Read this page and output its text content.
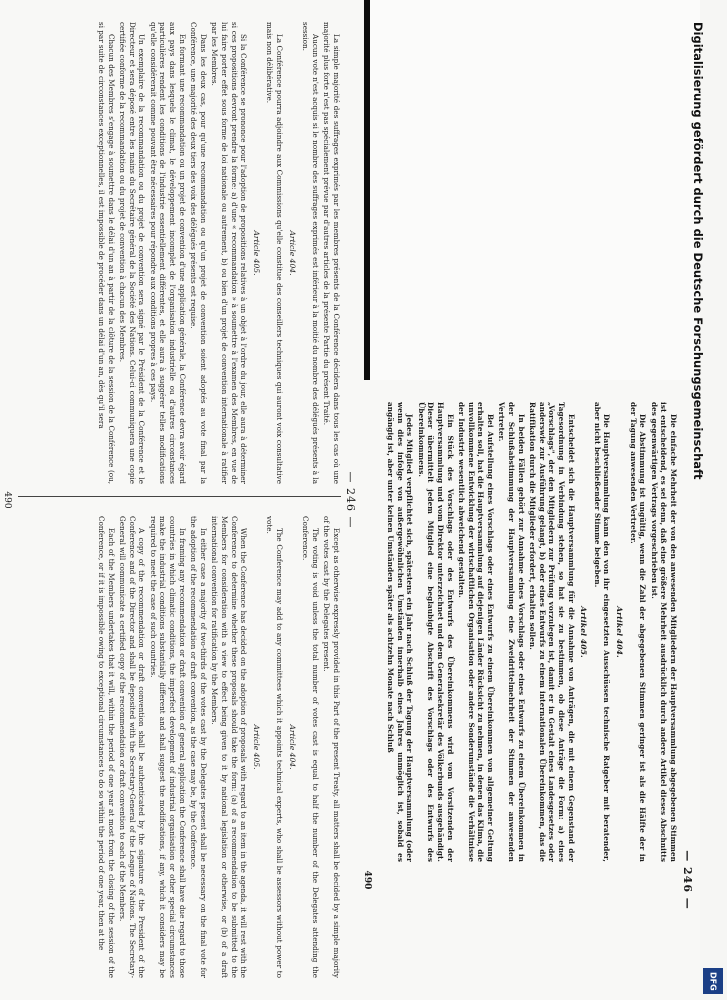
— 246 —

La simple majorité des suffrages exprimés par les membres présents de la Conférence décidera dans tous les cas où une majorité plus forte n'est pas spécialement prévue par d'autres articles de la présente Partie du présent Traité.

Aucun vote n'est acquis si le nombre des suffrages exprimés est inférieur à la moitié du nombre des délégués présents à la session.

Article 404.

La Conférence pourra adjoindre aux Commissions qu'elle constitue des conseillers techniques qui auront voix consultative mais non délibérative.

Article 405.

Si la Conférence se prononce pour l'adoption de propositions relatives à un objet à l'ordre du jour, elle aura à déterminer si ces propositions devront prendre la forme: a) d'une « recommandation » à soumettre à l'examen des Membres, en vue de lui faire porter effet sous forme de loi nationale ou autrement, b) ou bien d'un projet de convention internationale à ratifier par les Membres.

Dans les deux cas, pour qu'une recommandation ou qu'un projet de convention soient adoptés au vote final par la Conférence, une majorité des deux tiers des voix des délégués présents est requise.

En formant une recommandation ou un projet de convention d'une application générale, la Conférence devra avoir égard aux pays dans lesquels le climat, le développement incomplet de l'organisation industrielle ou d'autres circonstances particulières rendent les conditions de l'industrie essentiellement différentes, et elle aura à suggérer telles modifications qu'elle considérerait comme pouvant être nécessaires pour répondre aux conditions propres à ces pays.

Un exemplaire de la recommandation ou du projet de convention sera signé par le Président de la Conférence et le Directeur et sera déposé entre les mains du Secrétaire général de la Société des Nations. Celui-ci communiquera une copie certifiée conforme de la recommandation ou du projet de convention à chacun des Membres.

Chacun des Membres s'engage à soumettre dans le délai d'un an à partir de la clôture de la session de la Conférence (ou, si par suite de circonstances exceptionnelles, il est impossible de procéder dans un délai d'un an, dès qu'il sera

Except as otherwise expressly provided in this Part of the present Treaty, all matters shall be decided by a simple majority of the votes cast by the Delegates present.

The voting is void unless the total number of votes cast is equal to half the number of the Delegates attending the Conference.

Article 404.

The Conference may add to any committees which it appoints technical experts, who shall be assessors without power to vote.

Article 405.

When the Conference has decided on the adoption of proposals with regard to an item in the agenda, it will rest with the Conference to determine whether these proposals should take the form: (a) of a recommendation to be submitted to the Members for consideration with a view to effect being given to it by national legislation or otherwise, or (b) of a draft international convention for ratification by the Members.

In either case a majority of two-thirds of the votes cast by the Delegates present shall be necessary on the final vote for the adoption of the recommendation or draft convention, as the case may be, by the Conference.

In framing any recommendation or draft convention of general application the Conference shall have due regard to those countries in which climatic conditions, the imperfect development of industrial organisation or other special circumstances make the industrial conditions substantially different and shall suggest the modifications, if any, which it considers may be required to meet the case of such countries.

A copy of the recommendation or draft convention shall be authenticated by the signature of the President of the Conference and of the Director and shall be deposited with the Secretary-General of the League of Nations. The Secretary-General will communicate a certified copy of the recommendation or draft convention to each of the Members.

Each of the Members undertakes that it will, within the period of one year at most from the closing of the session of the Conference, or if it is impossible owing to exceptional circumstances to do so within the period of one year, then at the

490
— 246 —

Die einfache Mehrheit der von den anwesenden Mitgliedern der Hauptversammlung abgegebenen Stimmen ist entscheidend, es sei denn, daß eine größere Mehrheit ausdrücklich durch andere Artikel dieses Abschnitts des gegenwärtigen Vertrags vorgeschrieben ist.

Die Abstimmung ist ungültig, wenn die Zahl der abgegebenen Stimmen geringer ist als die Hälfte der in der Tagung anwesenden Vertreter.

Artikel 404.

Die Hauptversammlung kann den von ihr eingesetzten Ausschüssen technische Ratgeber mit beratender, aber nicht beschließender Stimme beigeben.

Artikel 405.

Entscheidet sich die Hauptversammlung für die Annahme von Anträgen, die mit einem Gegenstand der Tagesordnung in Verbindung stehen, so hat sie zu bestimmen, ob diese Anträge die Form: a) eines „Vorschlags", der den Mitgliedern zur Prüfung vorzulegen ist, damit er in Gestalt eines Landesgesetzes oder anderswie zur Ausführung gelangt, b) oder eines Entwurfs zu einem internationalen Übereinkommen, das die Ratifikation durch die Mitglieder erfordert, erhalten sollen.

In beiden Fällen gehört zur Annahme eines Vorschlags oder eines Entwurfs zu einem Übereinkommen in der Schlußabstimmung der Hauptversammlung eine Zweidrittelmehrheit der Stimmen der anwesenden Vertreter.

Bei Aufstellung eines Vorschlags oder eines Entwurfs zu einem Übereinkommen von allgemeiner Geltung erhalten soll, hat die Hauptversammlung auf diejenigen Länder Rücksicht zu nehmen, in denen das Klima, die unvollkommene Entwicklung der wirtschaftlichen Organisation oder andere Sonderumstände die Verhältnisse der Industrie wesentlich abweichend gestalten.

Ein Stück des Vorschlags oder des Entwurfs des Übereinkommens wird vom Vorsitzenden der Hauptversammlung und vom Direktor unterzeichnet und dem Generalsekretär des Völkerbunds ausgehändigt. Dieser übermittelt jedem Mitglied eine beglaubigte Abschrift des Vorschlags oder des Entwurfs des Übereinkommens.

Jedes Mitglied verpflichtet sich, spätestens ein Jahr nach Schluß der Tagung der Hauptversammlung (oder wenn dies infolge von außergewöhnlichen Umständen innerhalb eines Jahres unmöglich ist, sobald es angängig ist, aber unter keinen Umständen später als achtzehn Monate nach Schluß

490
Digitalisierung gefördert durch die Deutsche Forschungsgemeinschaft
DFG
